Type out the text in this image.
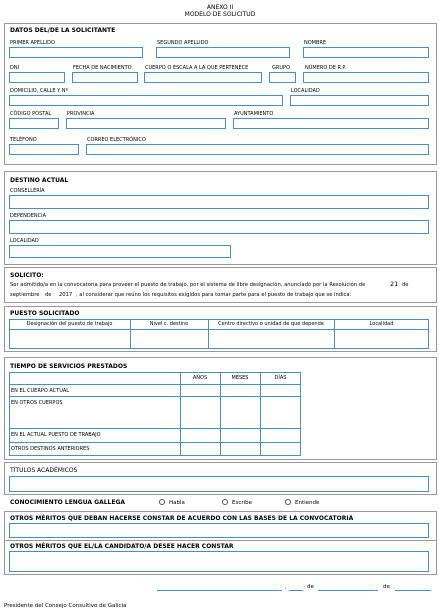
ANEXO II
MODELO DE SOLICITUD
DATOS DEL/DE LA SOLICITANTE
PRIMER APELLIDO	SEGUNDO APELLIDO	NOMBRE
DNI	FECHA DE NACIMIENTO	CUERPO O ESCALA A LA QUE PERTENECE	GRUPO	NÚMERO DE R.P.
DOMICILIO, CALLE Y Nº	LOCALIDAD
CÓDIGO POSTAL	PROVINCIA	AYUNTAMIENTO
TELÉFONO	CORREO ELECTRÓNICO
DESTINO ACTUAL
CONSELLERÍA
DEPENDENCIA
LOCALIDAD
SOLICITO:
Ser admitido/a en la convocatoria para proveer el puesto de trabajo, por el sistema de libre designación, anunciado por la Resolución de	21 de
septiembre de 2017 , al considerar que reúno los requisitos exigidos para tomar parte para el puesto de trabajo que se indica:
PUESTO SOLICITADO
Designación del puesto de trabajo	Nivel c. destino	Centro directivo o unidad de que depende	Localidad
TIEMPO DE SERVICIOS PRESTADOS
AÑOS	MESES	DÍAS
EN EL CUERPO ACTUAL
EN OTROS CUERPOS
EN EL ACTUAL PUESTO DE TRABAJO
OTROS DESTINOS ANTERIORES
TÍTULOS ACADÉMICOS
CONOCIMIENTO LENGUA GALLEGA	Habla	Escribe	Entiende
OTROS MÉRITOS QUE DEBAN HACERSE CONSTAR DE ACUERDO CON LAS BASES DE LA CONVOCATORIA
OTROS MÉRITOS QUE EL/LA CANDIDATO/A DESEE HACER CONSTAR
,	de	de
Presidente del Consejo Consultivo de Galicia
